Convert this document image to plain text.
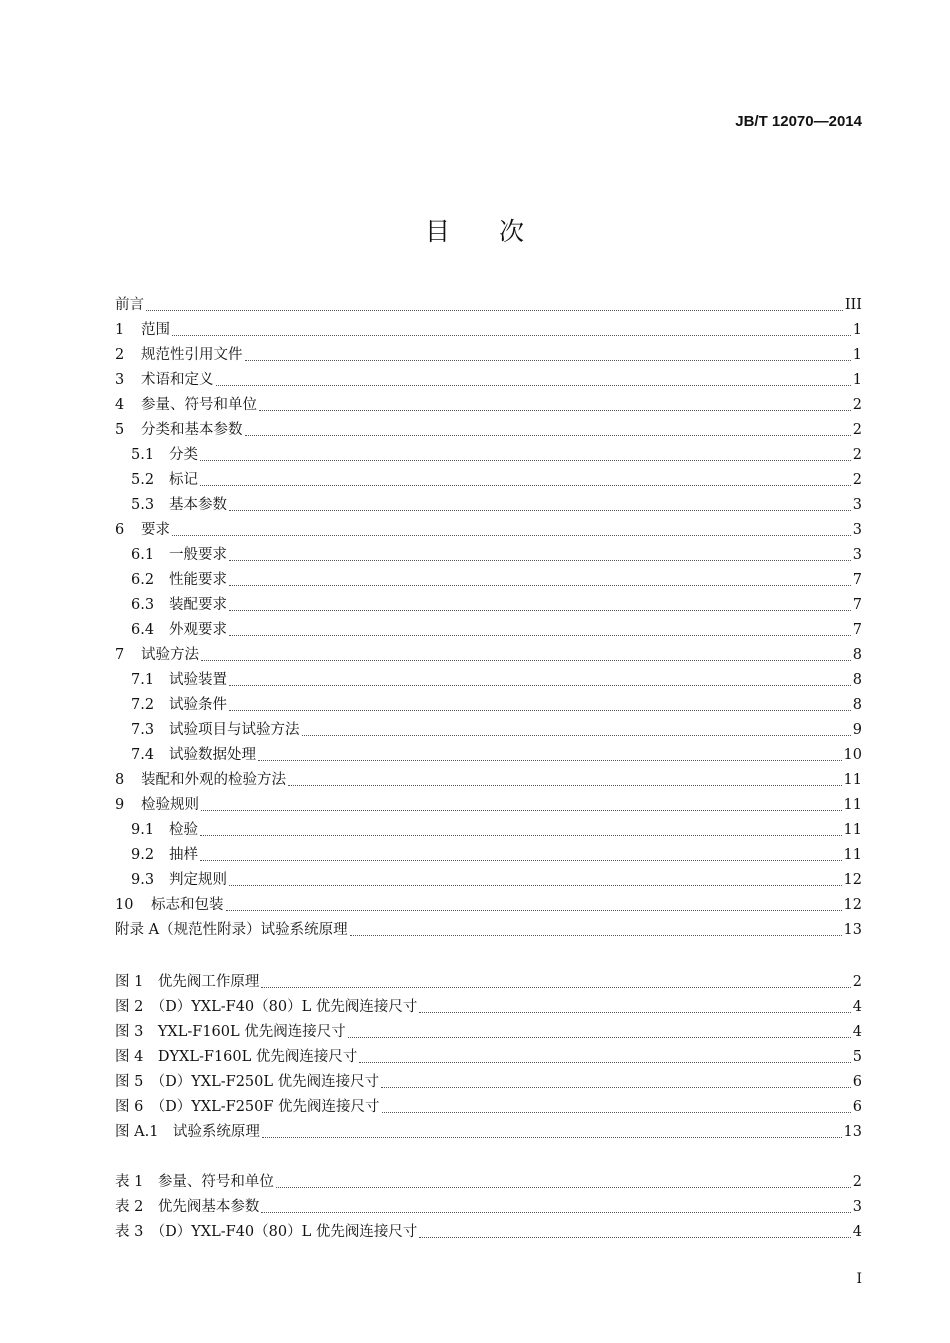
JB/T 12070—2014
目 次
前言	III
1	范围	1
2	规范性引用文件	1
3	术语和定义	1
4	参量、符号和单位	2
5	分类和基本参数	2
5.1	分类	2
5.2	标记	2
5.3	基本参数	3
6	要求	3
6.1	一般要求	3
6.2	性能要求	7
6.3	装配要求	7
6.4	外观要求	7
7	试验方法	8
7.1	试验装置	8
7.2	试验条件	8
7.3	试验项目与试验方法	9
7.4	试验数据处理	10
8	装配和外观的检验方法	11
9	检验规则	11
9.1	检验	11
9.2	抽样	11
9.3	判定规则	12
10	标志和包装	12
附录 A（规范性附录）试验系统原理	13
图 1　优先阀工作原理	2
图 2　（D）YXL-F40（80）L 优先阀连接尺寸	4
图 3　YXL-F160L 优先阀连接尺寸	4
图 4　DYXL-F160L 优先阀连接尺寸	5
图 5　（D）YXL-F250L 优先阀连接尺寸	6
图 6　（D）YXL-F250F 优先阀连接尺寸	6
图 A.1　试验系统原理	13
表 1　参量、符号和单位	2
表 2　优先阀基本参数	3
表 3　（D）YXL-F40（80）L 优先阀连接尺寸	4
I
